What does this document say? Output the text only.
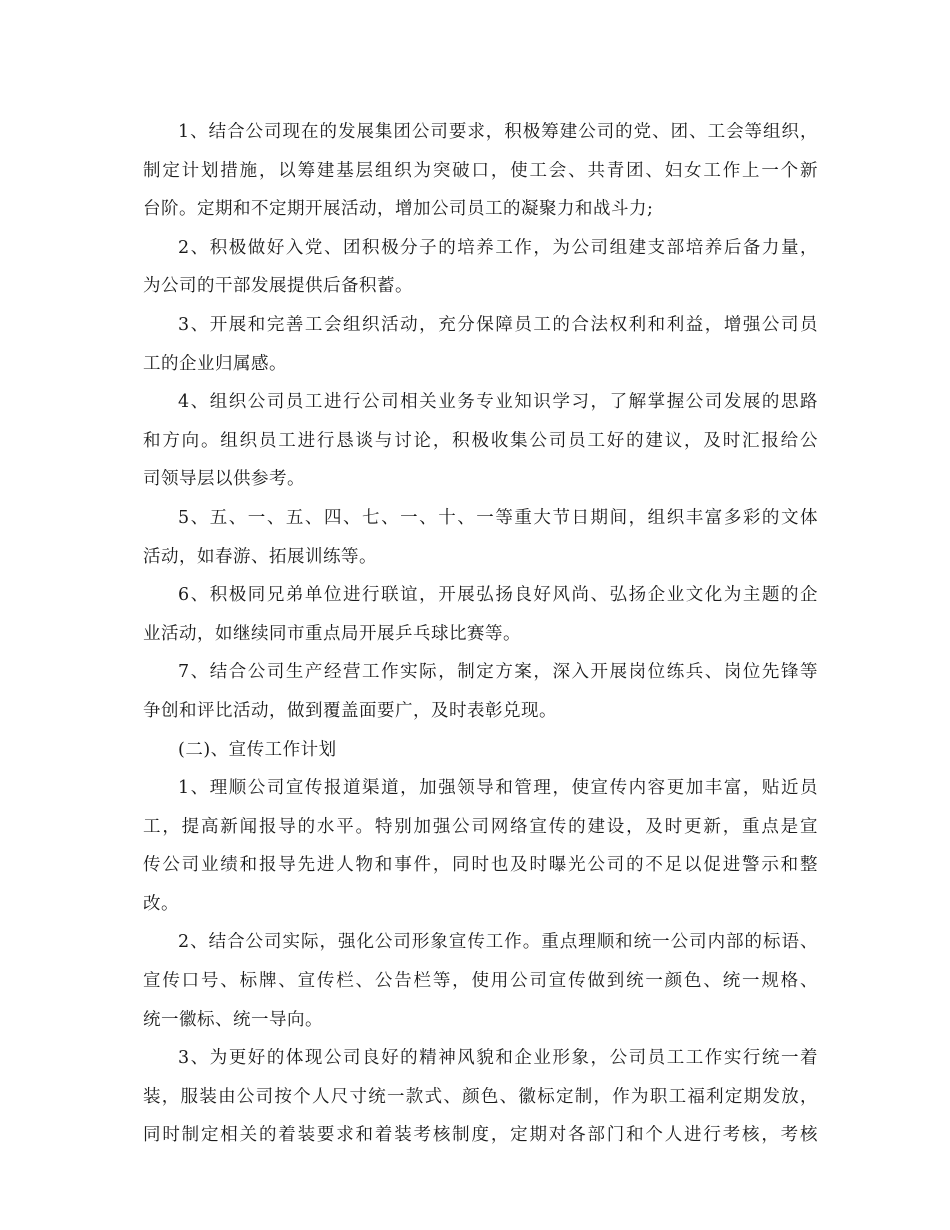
1、结合公司现在的发展集团公司要求，积极筹建公司的党、团、工会等组织，
制定计划措施，以筹建基层组织为突破口，使工会、共青团、妇女工作上一个新
台阶。定期和不定期开展活动，增加公司员工的凝聚力和战斗力;
2、积极做好入党、团积极分子的培养工作，为公司组建支部培养后备力量，
为公司的干部发展提供后备积蓄。
3、开展和完善工会组织活动，充分保障员工的合法权利和利益，增强公司员
工的企业归属感。
4、组织公司员工进行公司相关业务专业知识学习，了解掌握公司发展的思路
和方向。组织员工进行恳谈与讨论，积极收集公司员工好的建议，及时汇报给公
司领导层以供参考。
5、五、一、五、四、七、一、十、一等重大节日期间，组织丰富多彩的文体
活动，如春游、拓展训练等。
6、积极同兄弟单位进行联谊，开展弘扬良好风尚、弘扬企业文化为主题的企
业活动，如继续同市重点局开展乒乓球比赛等。
7、结合公司生产经营工作实际，制定方案，深入开展岗位练兵、岗位先锋等
争创和评比活动，做到覆盖面要广，及时表彰兑现。
(二)、宣传工作计划
1、理顺公司宣传报道渠道，加强领导和管理，使宣传内容更加丰富，贴近员
工，提高新闻报导的水平。特别加强公司网络宣传的建设，及时更新，重点是宣
传公司业绩和报导先进人物和事件，同时也及时曝光公司的不足以促进警示和整
改。
2、结合公司实际，强化公司形象宣传工作。重点理顺和统一公司内部的标语、
宣传口号、标牌、宣传栏、公告栏等，使用公司宣传做到统一颜色、统一规格、
统一徽标、统一导向。
3、为更好的体现公司良好的精神风貌和企业形象，公司员工工作实行统一着
装，服装由公司按个人尺寸统一款式、颜色、徽标定制，作为职工福利定期发放，
同时制定相关的着装要求和着装考核制度，定期对各部门和个人进行考核，考核
